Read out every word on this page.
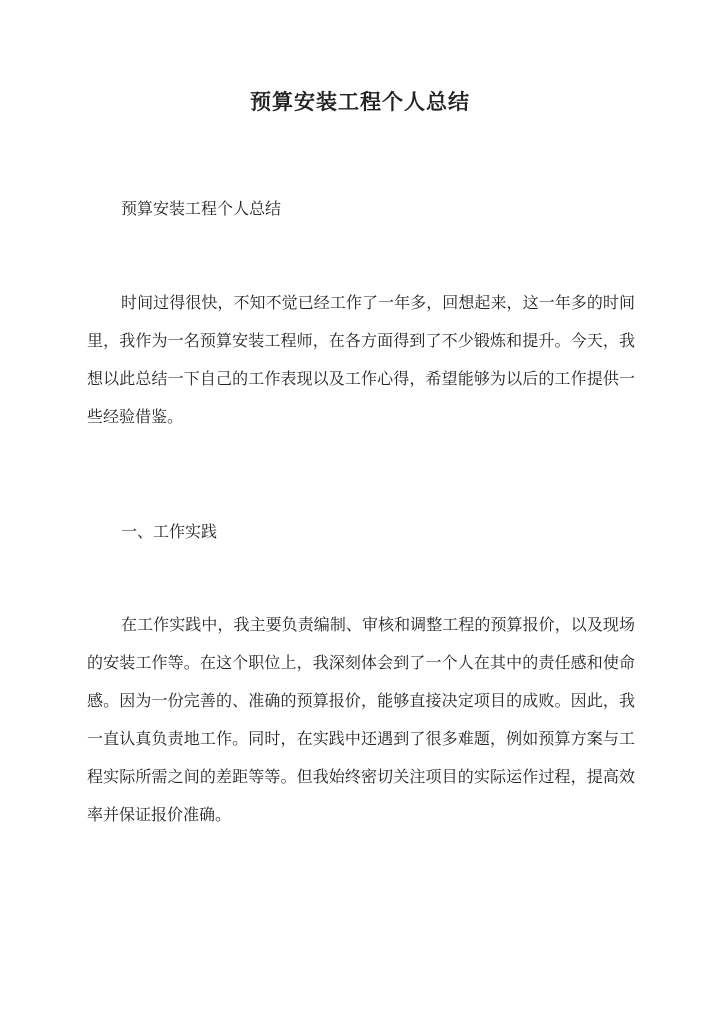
预算安装工程个人总结

预算安装工程个人总结

时间过得很快，不知不觉已经工作了一年多，回想起来，这一年多的时间里，我作为一名预算安装工程师，在各方面得到了不少锻炼和提升。今天，我想以此总结一下自己的工作表现以及工作心得，希望能够为以后的工作提供一些经验借鉴。

一、工作实践

在工作实践中，我主要负责编制、审核和调整工程的预算报价，以及现场的安装工作等。在这个职位上，我深刻体会到了一个人在其中的责任感和使命感。因为一份完善的、准确的预算报价，能够直接决定项目的成败。因此，我一直认真负责地工作。同时，在实践中还遇到了很多难题，例如预算方案与工程实际所需之间的差距等等。但我始终密切关注项目的实际运作过程，提高效率并保证报价准确。
